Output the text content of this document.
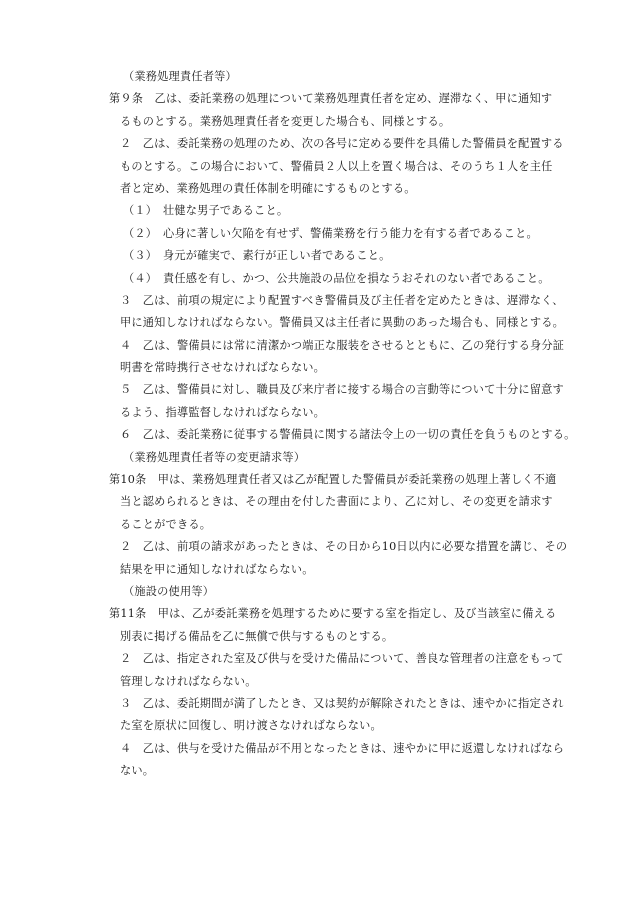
（業務処理責任者等）
第９条　乙は、委託業務の処理について業務処理責任者を定め、遅滞なく、甲に通知す
るものとする。業務処理責任者を変更した場合も、同様とする。
２　乙は、委託業務の処理のため、次の各号に定める要件を具備した警備員を配置する
ものとする。この場合において、警備員２人以上を置く場合は、そのうち１人を主任
者と定め、業務処理の責任体制を明確にするものとする。
（１）　壮健な男子であること。
（２）　心身に著しい欠陥を有せず、警備業務を行う能力を有する者であること。
（３）　身元が確実で、素行が正しい者であること。
（４）　責任感を有し、かつ、公共施設の品位を損なうおそれのない者であること。
３　乙は、前項の規定により配置すべき警備員及び主任者を定めたときは、遅滞なく、
甲に通知しなければならない。警備員又は主任者に異動のあった場合も、同様とする。
４　乙は、警備員には常に清潔かつ端正な服装をさせるとともに、乙の発行する身分証
明書を常時携行させなければならない。
５　乙は、警備員に対し、職員及び来庁者に接する場合の言動等について十分に留意す
るよう、指導監督しなければならない。
６　乙は、委託業務に従事する警備員に関する諸法令上の一切の責任を負うものとする。
（業務処理責任者等の変更請求等）
第10条　甲は、業務処理責任者又は乙が配置した警備員が委託業務の処理上著しく不適
当と認められるときは、その理由を付した書面により、乙に対し、その変更を請求す
ることができる。
２　乙は、前項の請求があったときは、その日から10日以内に必要な措置を講じ、その
結果を甲に通知しなければならない。
（施設の使用等）
第11条　甲は、乙が委託業務を処理するために要する室を指定し、及び当該室に備える
別表に掲げる備品を乙に無償で供与するものとする。
２　乙は、指定された室及び供与を受けた備品について、善良な管理者の注意をもって
管理しなければならない。
３　乙は、委託期間が満了したとき、又は契約が解除されたときは、速やかに指定され
た室を原状に回復し、明け渡さなければならない。
４　乙は、供与を受けた備品が不用となったときは、速やかに甲に返還しなければなら
ない。
